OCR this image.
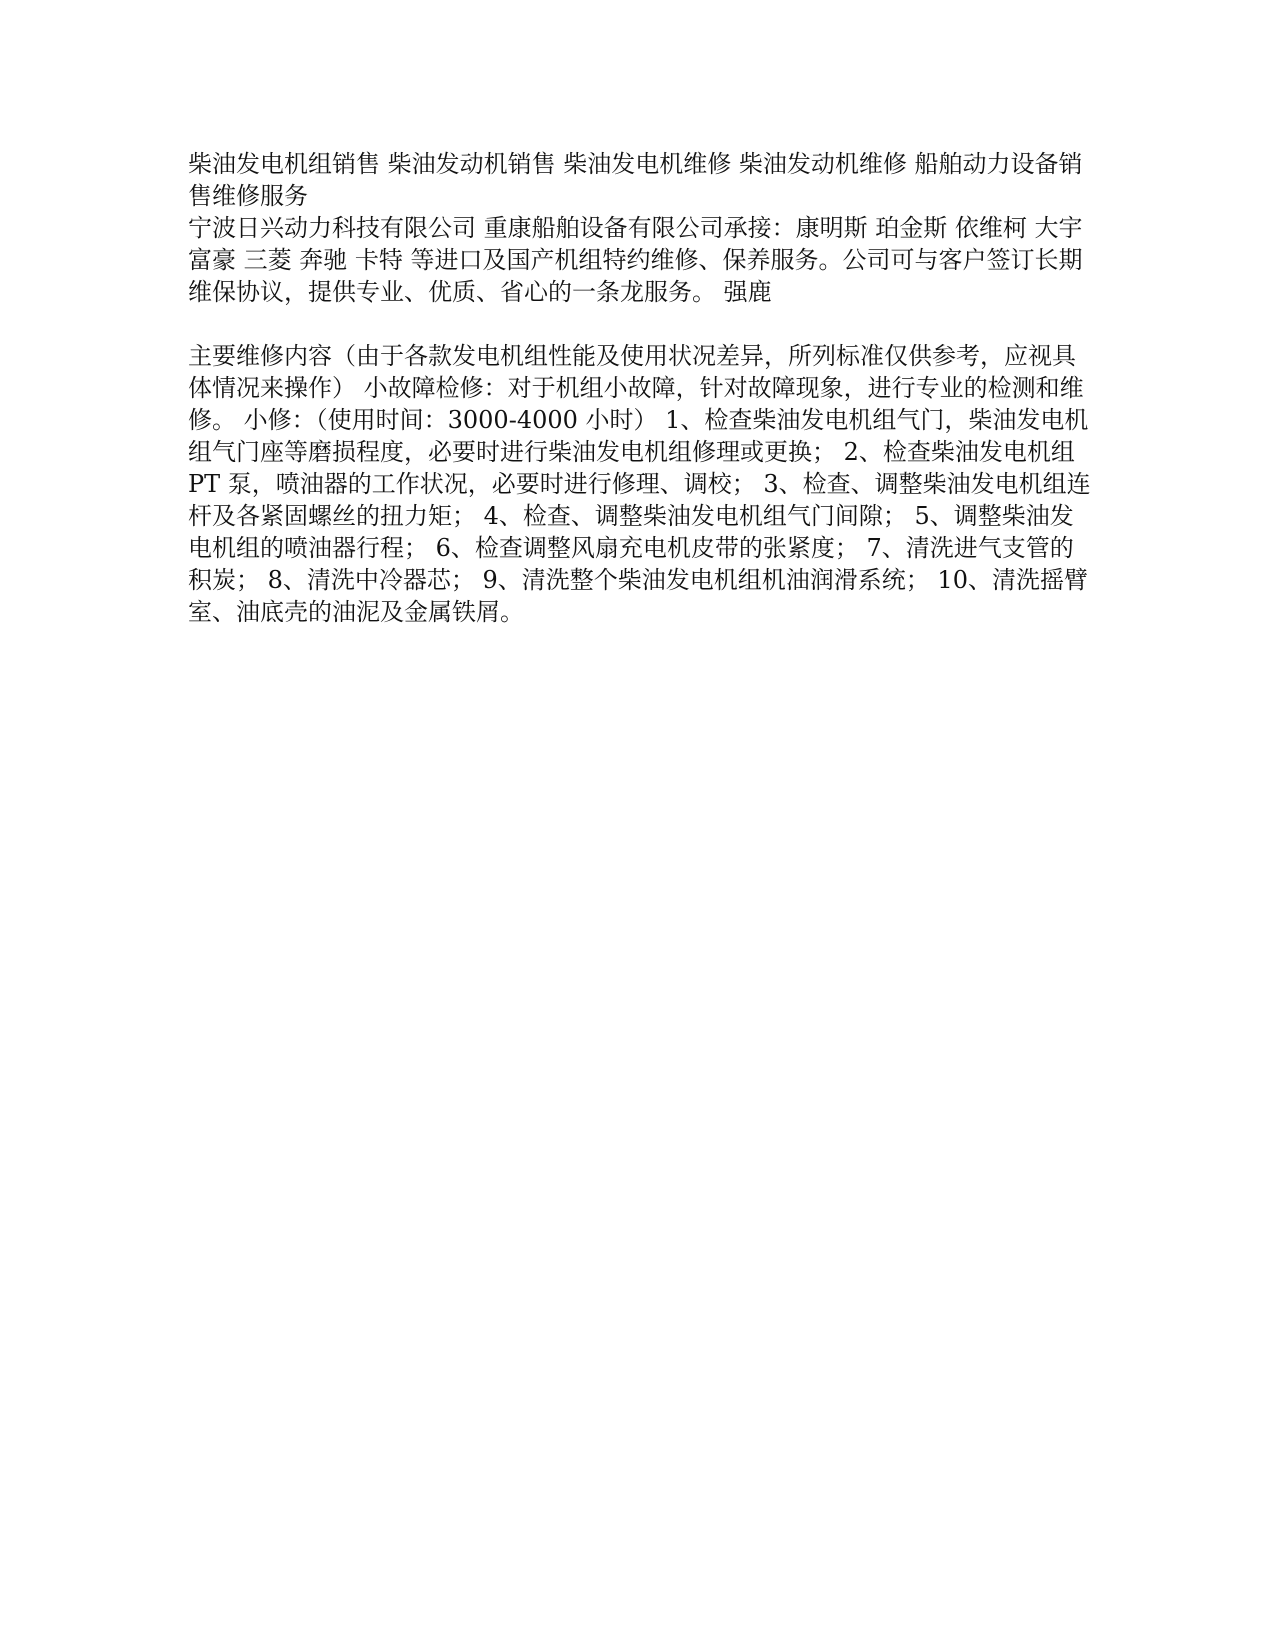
柴油发电机组销售 柴油发动机销售 柴油发电机维修 柴油发动机维修 船舶动力设备销售维修服务

宁波日兴动力科技有限公司 重康船舶设备有限公司承接：康明斯 珀金斯 依维柯 大宇 富豪 三菱 奔驰 卡特 等进口及国产机组特约维修、保养服务。公司可与客户签订长期维保协议，提供专业、优质、省心的一条龙服务。 强鹿

主要维修内容（由于各款发电机组性能及使用状况差异，所列标准仅供参考，应视具体情况来操作） 小故障检修：对于机组小故障，针对故障现象，进行专业的检测和维修。 小修：（使用时间：3000-4000 小时） 1、检查柴油发电机组气门，柴油发电机组气门座等磨损程度，必要时进行柴油发电机组修理或更换； 2、检查柴油发电机组 PT 泵，喷油器的工作状况，必要时进行修理、调校； 3、检查、调整柴油发电机组连杆及各紧固螺丝的扭力矩； 4、检查、调整柴油发电机组气门间隙； 5、调整柴油发电机组的喷油器行程； 6、检查调整风扇充电机皮带的张紧度； 7、清洗进气支管的积炭； 8、清洗中冷器芯； 9、清洗整个柴油发电机组机油润滑系统； 10、清洗摇臂室、油底壳的油泥及金属铁屑。
